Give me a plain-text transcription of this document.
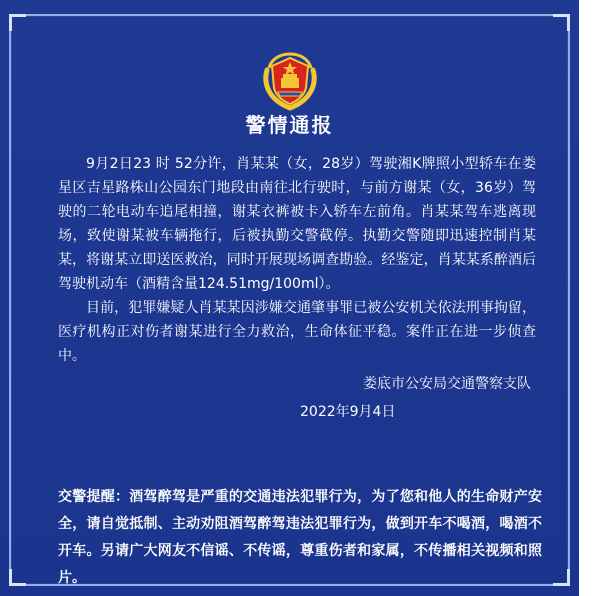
警情通报

9月2日23 时 52分许，肖某某（女，28岁）驾驶湘K牌照小型轿车在娄星区吉星路株山公园东门地段由南往北行驶时，与前方谢某（女，36岁）驾驶的二轮电动车追尾相撞，谢某衣裤被卡入轿车左前角。肖某某驾车逃离现场，致使谢某被车辆拖行，后被执勤交警截停。执勤交警随即迅速控制肖某某，将谢某立即送医救治，同时开展现场调查勘验。经鉴定，肖某某系醉酒后驾驶机动车（酒精含量124.51mg/100ml）。

目前，犯罪嫌疑人肖某某因涉嫌交通肇事罪已被公安机关依法刑事拘留，医疗机构正对伤者谢某进行全力救治，生命体征平稳。案件正在进一步侦查中。

娄底市公安局交通警察支队
2022年9月4日
交警提醒：酒驾醉驾是严重的交通违法犯罪行为，为了您和他人的生命财产安全，请自觉抵制、主动劝阻酒驾醉驾违法犯罪行为，做到开车不喝酒，喝酒不开车。另请广大网友不信谣、不传谣，尊重伤者和家属，不传播相关视频和照片。
